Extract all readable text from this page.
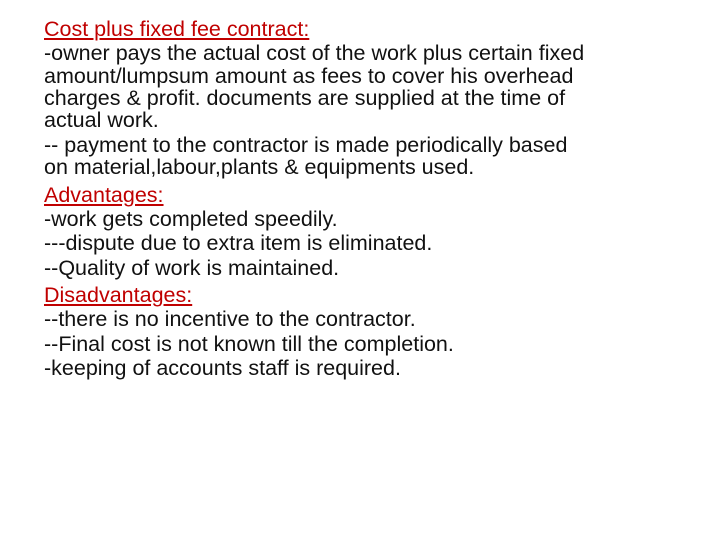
Cost plus fixed fee contract:
-owner pays the actual cost of the work plus certain fixed
amount/lumpsum amount as fees to cover his overhead
charges & profit. documents are supplied at the time of
actual work.
-- payment to the contractor is made periodically based
on material,labour,plants & equipments used.
Advantages:
-work gets completed speedily.
---dispute due to extra item is eliminated.
--Quality of work is maintained.
Disadvantages:
--there is no incentive to the contractor.
--Final cost is not known till the completion.
-keeping of accounts staff is required.
